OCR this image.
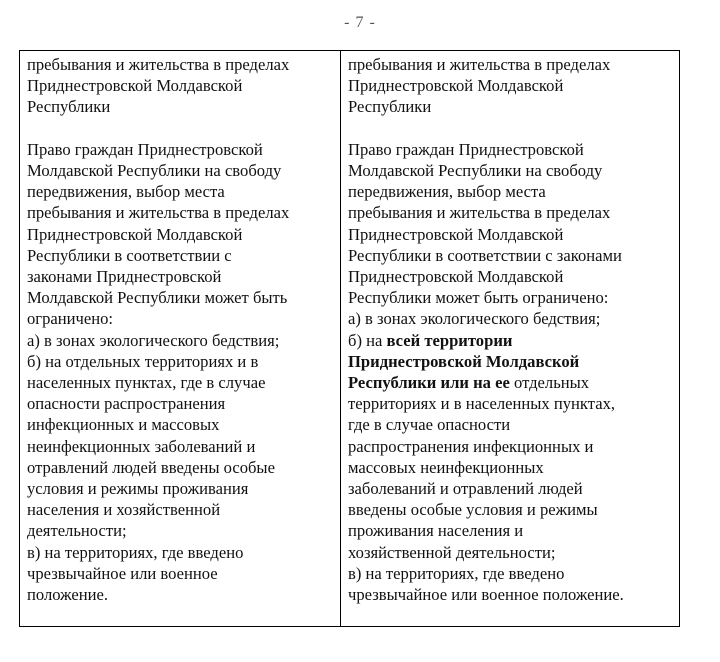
- 7 -
пребывания и жительства в пределах
Приднестровской Молдавской
Республики
Право граждан Приднестровской
Молдавской Республики на свободу
передвижения, выбор места
пребывания и жительства в пределах
Приднестровской Молдавской
Республики в соответствии с
законами Приднестровской
Молдавской Республики может быть
ограничено:
а) в зонах экологического бедствия;
б) на отдельных территориях и в
населенных пунктах, где в случае
опасности распространения
инфекционных и массовых
неинфекционных заболеваний и
отравлений людей введены особые
условия и режимы проживания
населения и хозяйственной
деятельности;
в) на территориях, где введено
чрезвычайное или военное
положение.
пребывания и жительства в пределах
Приднестровской Молдавской
Республики
Право граждан Приднестровской
Молдавской Республики на свободу
передвижения, выбор места
пребывания и жительства в пределах
Приднестровской Молдавской
Республики в соответствии с законами
Приднестровской Молдавской
Республики может быть ограничено:
а) в зонах экологического бедствия;
б) на всей территории
Приднестровской Молдавской
Республики или на ее отдельных
территориях и в населенных пунктах,
где в случае опасности
распространения инфекционных и
массовых неинфекционных
заболеваний и отравлений людей
введены особые условия и режимы
проживания населения и
хозяйственной деятельности;
в) на территориях, где введено
чрезвычайное или военное положение.
